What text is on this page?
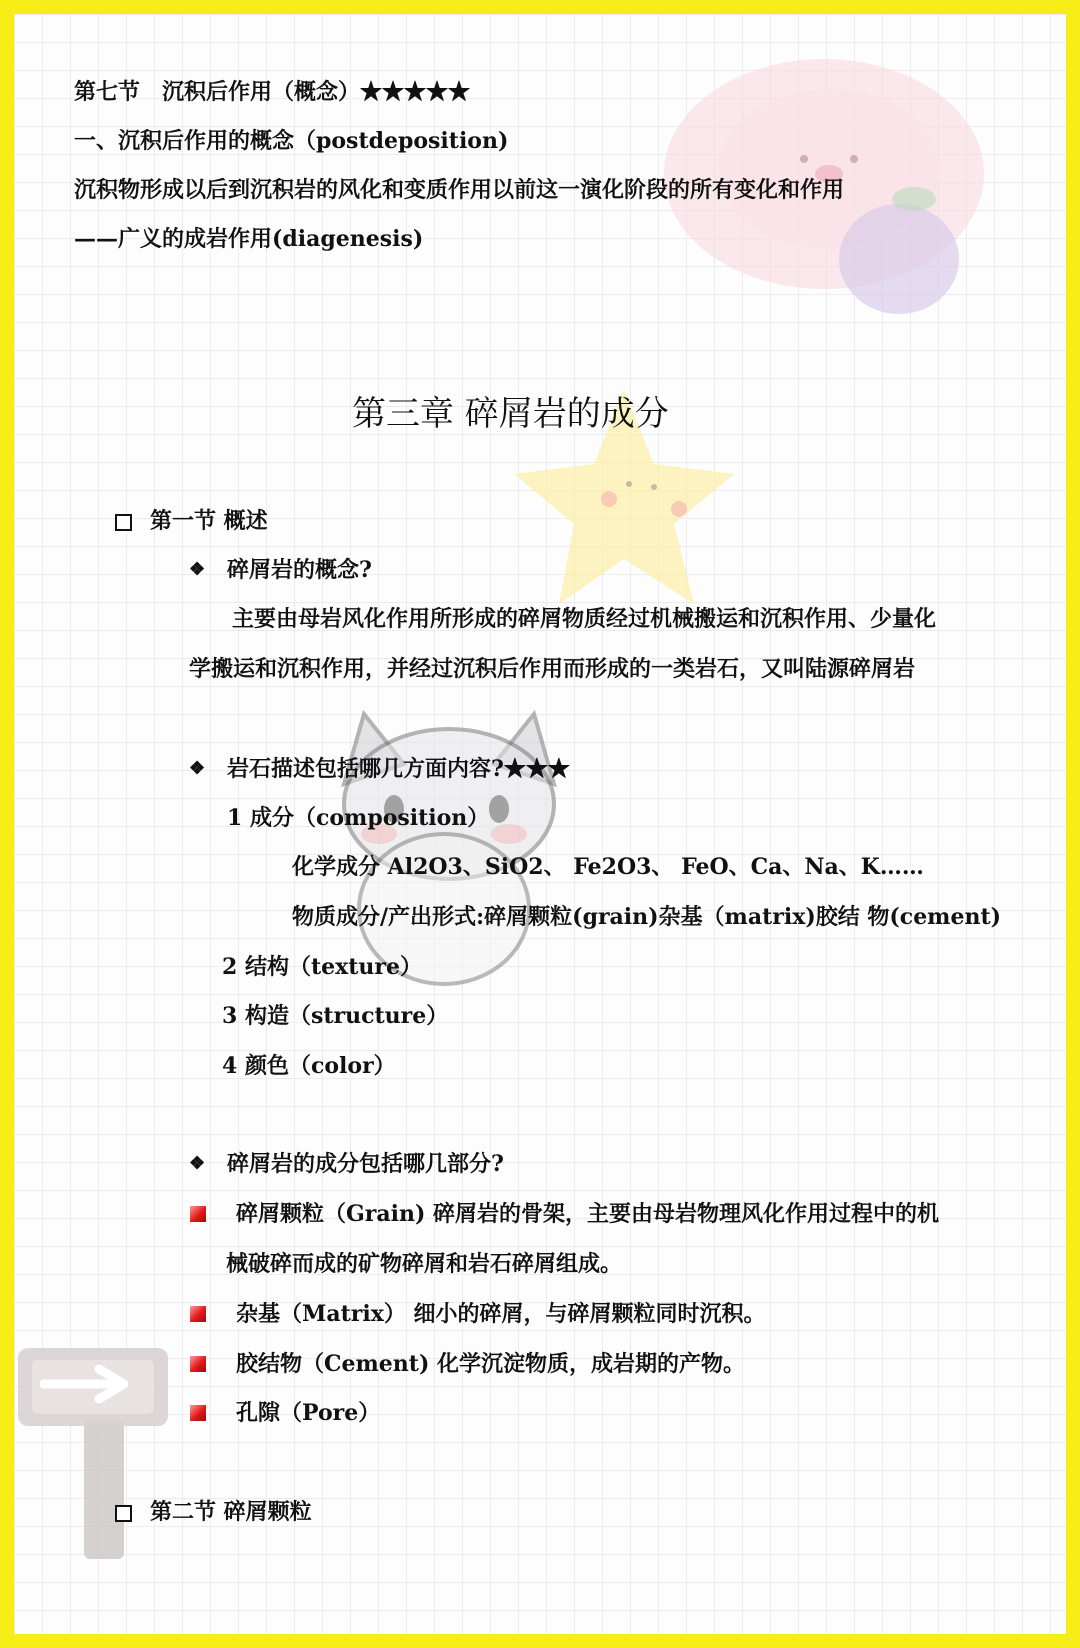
第七节　沉积后作用（概念）★★★★★
一、沉积后作用的概念（postdeposition)
沉积物形成以后到沉积岩的风化和变质作用以前这一演化阶段的所有变化和作用
——广义的成岩作用(diagenesis)
第三章 碎屑岩的成分
第一节 概述
❖ 碎屑岩的概念?
主要由母岩风化作用所形成的碎屑物质经过机械搬运和沉积作用、少量化
学搬运和沉积作用，并经过沉积后作用而形成的一类岩石，又叫陆源碎屑岩
❖ 岩石描述包括哪几方面内容?★★★
1 成分（composition）
化学成分 Al2O3、SiO2、 Fe2O3、 FeO、Ca、Na、K……
物质成分/产出形式:碎屑颗粒(grain)杂基（matrix)胶结 物(cement)
2 结构（texture）
3 构造（structure）
4 颜色（color）
❖ 碎屑岩的成分包括哪几部分?
碎屑颗粒（Grain) 碎屑岩的骨架，主要由母岩物理风化作用过程中的机
械破碎而成的矿物碎屑和岩石碎屑组成。
杂基（Matrix） 细小的碎屑，与碎屑颗粒同时沉积。
胶结物（Cement) 化学沉淀物质，成岩期的产物。
孔隙（Pore）
第二节 碎屑颗粒
